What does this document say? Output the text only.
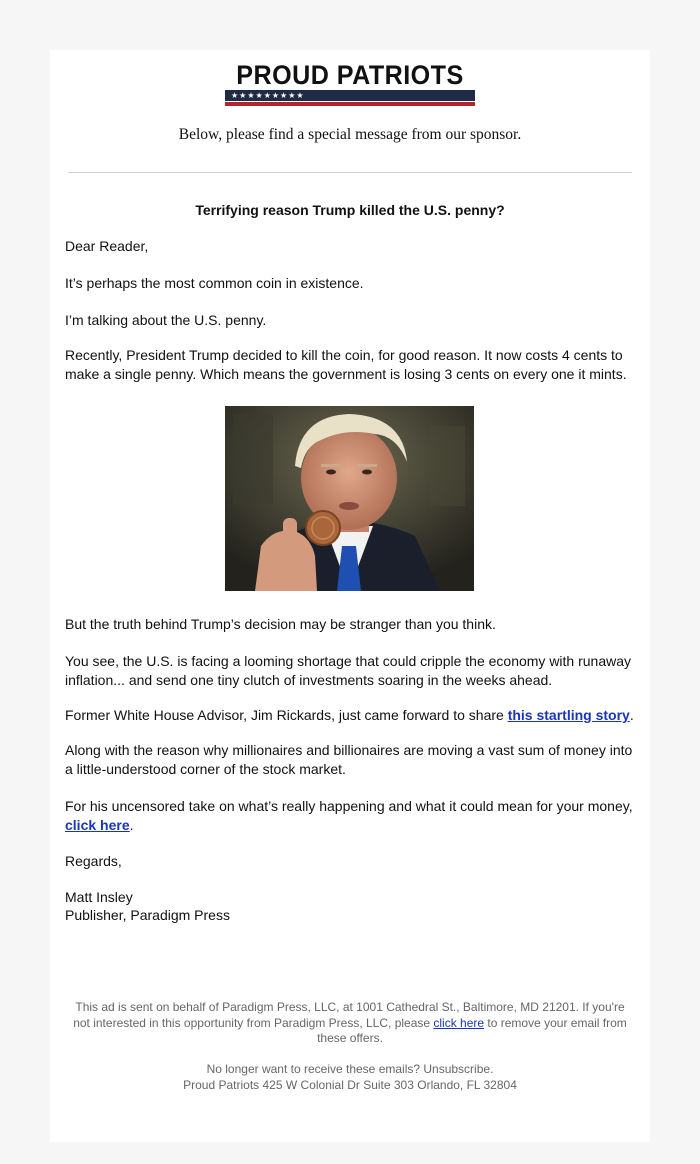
PROUD PATRIOTS
★★★★★★★★★
Below, please find a special message from our sponsor.
Terrifying reason Trump killed the U.S. penny?

Dear Reader,

It’s perhaps the most common coin in existence.

I’m talking about the U.S. penny.

Recently, President Trump decided to kill the coin, for good reason. It now costs 4 cents to make a single penny. Which means the government is losing 3 cents on every one it mints.

But the truth behind Trump’s decision may be stranger than you think.

You see, the U.S. is facing a looming shortage that could cripple the economy with runaway inflation... and send one tiny clutch of investments soaring in the weeks ahead.

Former White House Advisor, Jim Rickards, just came forward to share this startling story.

Along with the reason why millionaires and billionaires are moving a vast sum of money into a little-understood corner of the stock market.

For his uncensored take on what’s really happening and what it could mean for your money, click here.

Regards,

Matt Insley

Publisher, Paradigm Press

This ad is sent on behalf of Paradigm Press, LLC, at 1001 Cathedral St., Baltimore, MD 21201. If you're not interested in this opportunity from Paradigm Press, LLC, please click here to remove your email from these offers.

No longer want to receive these emails? Unsubscribe.

Proud Patriots 425 W Colonial Dr Suite 303 Orlando, FL 32804
